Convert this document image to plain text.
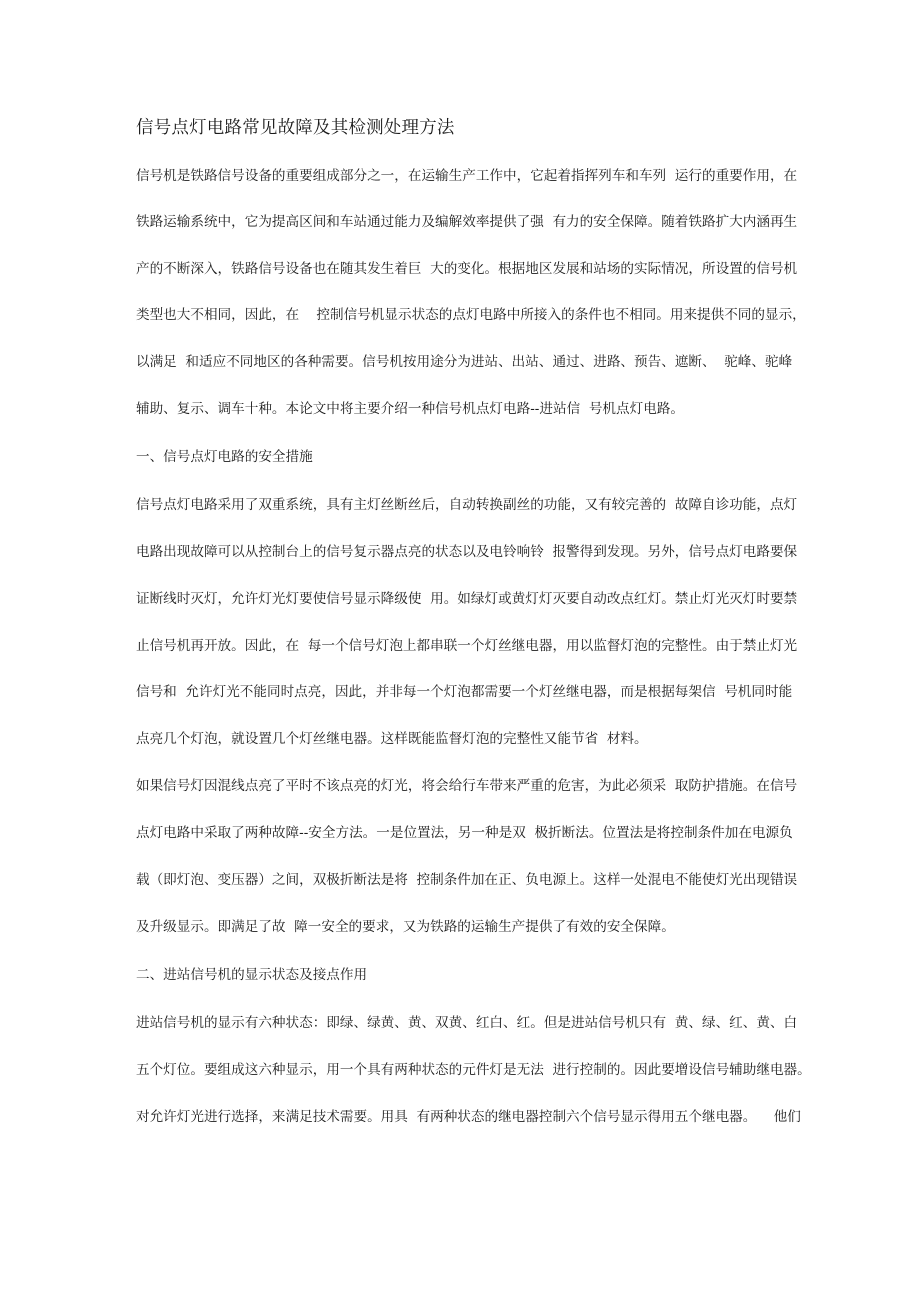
信号点灯电路常见故障及其检测处理方法
信号机是铁路信号设备的重要组成部分之一，在运输生产工作中，它起着指挥列车和车列  运行的重要作用，在
铁路运输系统中，它为提高区间和车站通过能力及编解效率提供了强  有力的安全保障。随着铁路扩大内涵再生
产的不断深入，铁路信号设备也在随其发生着巨  大的变化。根据地区发展和站场的实际情况，所设置的信号机
类型也大不相同，因此，在    控制信号机显示状态的点灯电路中所接入的条件也不相同。用来提供不同的显示，
以满足  和适应不同地区的各种需要。信号机按用途分为进站、出站、通过、进路、预告、遮断、  驼峰、驼峰
辅助、复示、调车十种。本论文中将主要介绍一种信号机点灯电路--进站信  号机点灯电路。
一、信号点灯电路的安全措施
信号点灯电路采用了双重系统，具有主灯丝断丝后，自动转换副丝的功能，又有较完善的  故障自诊功能，点灯
电路出现故障可以从控制台上的信号复示器点亮的状态以及电铃响铃  报警得到发现。另外，信号点灯电路要保
证断线时灭灯，允许灯光灯要使信号显示降级使  用。如绿灯或黄灯灯灭要自动改点红灯。禁止灯光灭灯时要禁
止信号机再开放。因此，在  每一个信号灯泡上都串联一个灯丝继电器，用以监督灯泡的完整性。由于禁止灯光
信号和  允许灯光不能同时点亮，因此，并非每一个灯泡都需要一个灯丝继电器，而是根据每架信  号机同时能
点亮几个灯泡，就设置几个灯丝继电器。这样既能监督灯泡的完整性又能节省  材料。
如果信号灯因混线点亮了平时不该点亮的灯光，将会给行车带来严重的危害，为此必须采  取防护措施。在信号
点灯电路中采取了两种故障--安全方法。一是位置法，另一种是双  极折断法。位置法是将控制条件加在电源负
载（即灯泡、变压器）之间，双极折断法是将  控制条件加在正、负电源上。这样一处混电不能使灯光出现错误
及升级显示。即满足了故  障一安全的要求，又为铁路的运输生产提供了有效的安全保障。
二、进站信号机的显示状态及接点作用
进站信号机的显示有六种状态：即绿、绿黄、黄、双黄、红白、红。但是进站信号机只有  黄、绿、红、黄、白
五个灯位。要组成这六种显示，用一个具有两种状态的元件灯是无法  进行控制的。因此要增设信号辅助继电器。
对允许灯光进行选择，来满足技术需要。用具  有两种状态的继电器控制六个信号显示得用五个继电器。    他们
